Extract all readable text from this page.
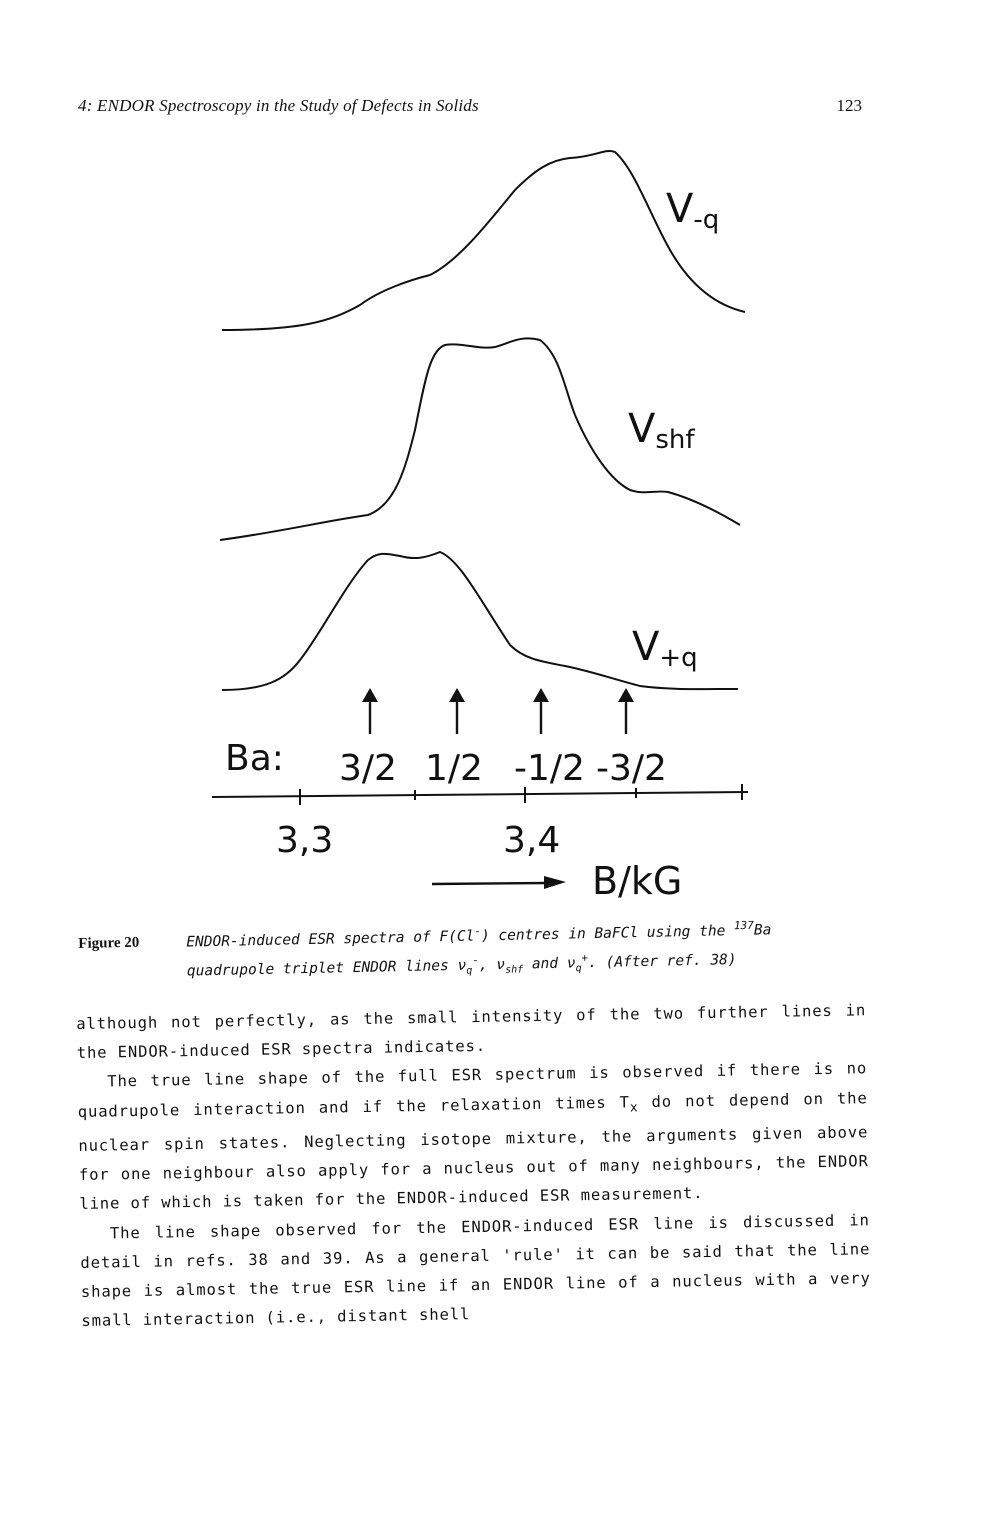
4: ENDOR Spectroscopy in the Study of Defects in Solids	123
V-q
Vshf
V+q
Ba: 3/2 1/2 -1/2 -3/2
3,3	3,4
B/kG
Figure 20	ENDOR-induced ESR spectra of F(Cl-) centres in BaFCl using the $^{137}$Ba
quadrupole triplet ENDOR lines $\nu_q^-$, $\nu_{shf}$ and $\nu_q^+$. (After ref. 38)

although not perfectly, as the small intensity of the two further lines in the ENDOR-induced ESR spectra indicates.

The true line shape of the full ESR spectrum is observed if there is no quadrupole interaction and if the relaxation times $T_x$ do not depend on the nuclear spin states. Neglecting isotope mixture, the arguments given above for one neighbour also apply for a nucleus out of many neighbours, the ENDOR line of which is taken for the ENDOR-induced ESR measurement.

The line shape observed for the ENDOR-induced ESR line is discussed in detail in refs. 38 and 39. As a general 'rule' it can be said that the line shape is almost the true ESR line if an ENDOR line of a nucleus with a very small interaction (i.e., distant shell
